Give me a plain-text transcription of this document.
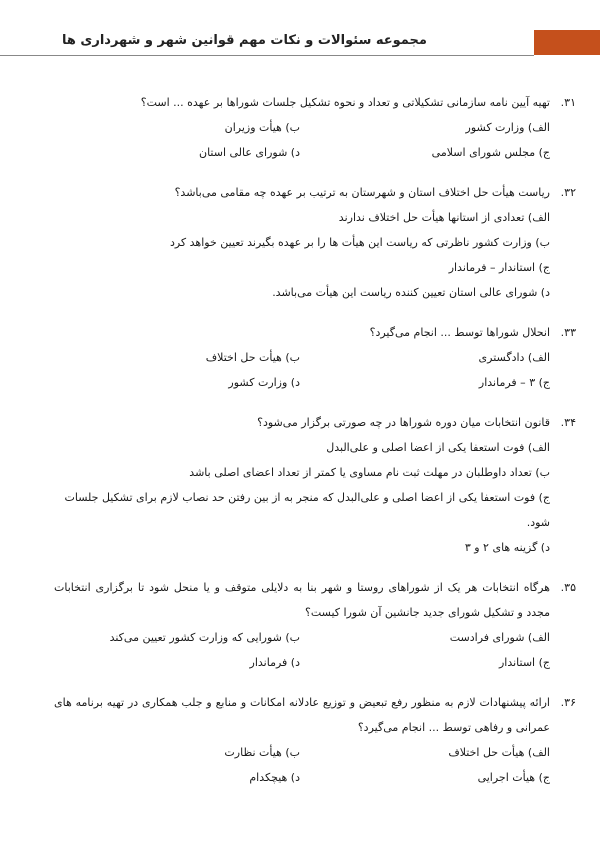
۶۴	مجموعه سئوالات و نکات مهم قوانین شهر و شهرداری ها
۳۱.
تهیه آیین نامه سازمانی تشکیلاتی و تعداد و نحوه تشکیل جلسات شوراها بر عهده ... است؟
الف) وزارت کشور
ب) هیأت وزیران
ج) مجلس شورای اسلامی
د) شورای عالی استان
۳۲.
ریاست هیأت حل اختلاف استان و شهرستان به ترتیب بر عهده چه مقامی می‌باشد؟
الف) تعدادی از استانها هیأت حل اختلاف ندارند
ب) وزارت کشور ناظرتی که ریاست این هیأت ها را بر عهده بگیرند تعیین خواهد کرد
ج) استاندار – فرماندار
د) شورای عالی استان تعیین کننده ریاست این هیأت می‌باشد.
۳۳.
انحلال شوراها توسط ... انجام می‌گیرد؟
الف) دادگستری
ب) هیأت حل اختلاف
ج) ۳ – فرماندار
د) وزارت کشور
۳۴.
قانون انتخابات میان دوره شوراها در چه صورتی برگزار می‌شود؟
الف) فوت استعفا یکی از اعضا اصلی و علی‌البدل
ب) تعداد داوطلبان در مهلت ثبت نام مساوی یا کمتر از تعداد اعضای اصلی باشد
ج) فوت استعفا یکی از اعضا اصلی و علی‌البدل که منجر به از بین رفتن حد نصاب لازم برای تشکیل جلسات شود.
د) گزینه های ۲ و ۳
۳۵.
هرگاه انتخابات هر یک از شوراهای روستا و شهر بنا به دلایلی متوقف و یا منحل شود تا برگزاری انتخابات مجدد و تشکیل شورای جدید جانشین آن شورا کیست؟
الف) شورای فرادست
ب) شورایی که وزارت کشور تعیین می‌کند
ج) استاندار
د) فرماندار
۳۶.
ارائه پیشنهادات لازم به منظور رفع تبعیض و توزیع عادلانه امکانات و منابع و جلب همکاری در تهیه برنامه های عمرانی و رفاهی توسط ... انجام می‌گیرد؟
الف) هیأت حل اختلاف
ب) هیأت نظارت
ج) هیأت اجرایی
د) هیچکدام
